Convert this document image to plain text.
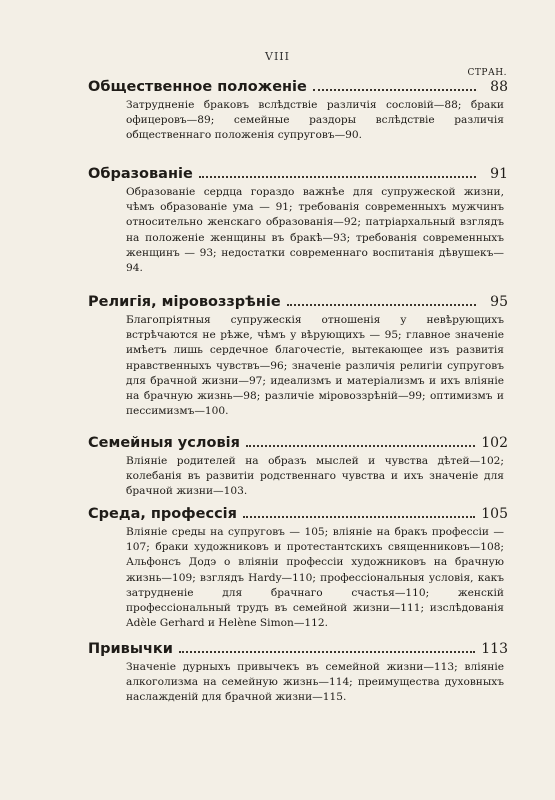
VIII
СТРАН.
Общественное положеніе	88
Затрудненіе браковъ вслѣдствіе различія сословій—88; браки офицеровъ—89; семейные раздоры вслѣдствіе различія общественнаго положенія супруговъ—90.
Образованіе	91
Образованіе сердца гораздо важнѣе для супружеской жизни, чѣмъ образованіе ума — 91; требованія современныхъ мужчинъ относительно женскаго образованія—92; патріархальный взглядъ на положеніе женщины въ бракѣ—93; требованія современныхъ женщинъ — 93; недостатки современнаго воспитанія дѣвушекъ—94.
Религія, міровоззрѣніе	95
Благопріятныя супружескія отношенія у невѣрующихъ встрѣчаются не рѣже, чѣмъ у вѣрующихъ — 95; главное значеніе имѣетъ лишь сердечное благочестіе, вытекающее изъ развитія нравственныхъ чувствъ—96; значеніе различія религіи супруговъ для брачной жизни—97; идеализмъ и матеріализмъ и ихъ вліяніе на брачную жизнь—98; различіе міровоззрѣній—99; оптимизмъ и пессимизмъ—100.
Семейныя условія	102
Вліяніе родителей на образъ мыслей и чувства дѣтей—102; колебанія въ развитіи родственнаго чувства и ихъ значеніе для брачной жизни—103.
Среда, профессія	105
Вліяніе среды на супруговъ — 105; вліяніе на бракъ профессіи — 107; браки художниковъ и протестантскихъ священниковъ—108; Альфонсъ Додэ о вліяніи профессіи художниковъ на брачную жизнь—109; взглядъ Hardy—110; профессіональныя условія, какъ затрудненіе для брачнаго счастья—110; женскій профессіональный трудъ въ семейной жизни—111; изслѣдованія Adèle Gerhard и Helène Simon—112.
Привычки	113
Значеніе дурныхъ привычекъ въ семейной жизни—113; вліяніе алкоголизма на семейную жизнь—114; преимущества духовныхъ наслажденій для брачной жизни—115.
